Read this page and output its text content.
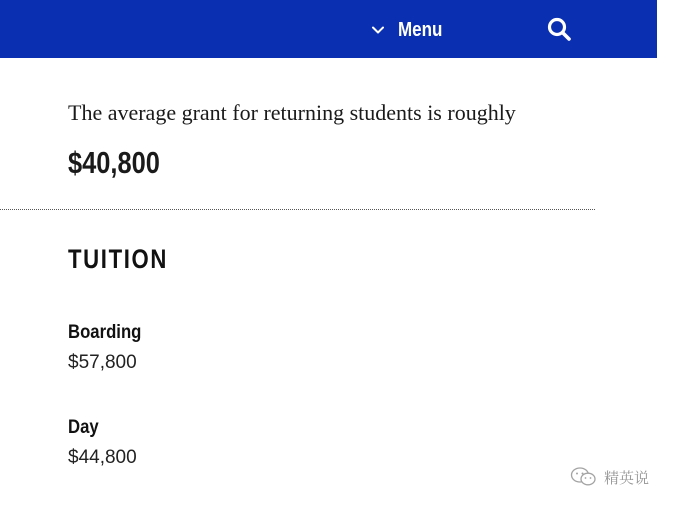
Menu
The average grant for returning students is roughly $40,800
TUITION
Boarding
$57,800
Day
$44,800
精英说
